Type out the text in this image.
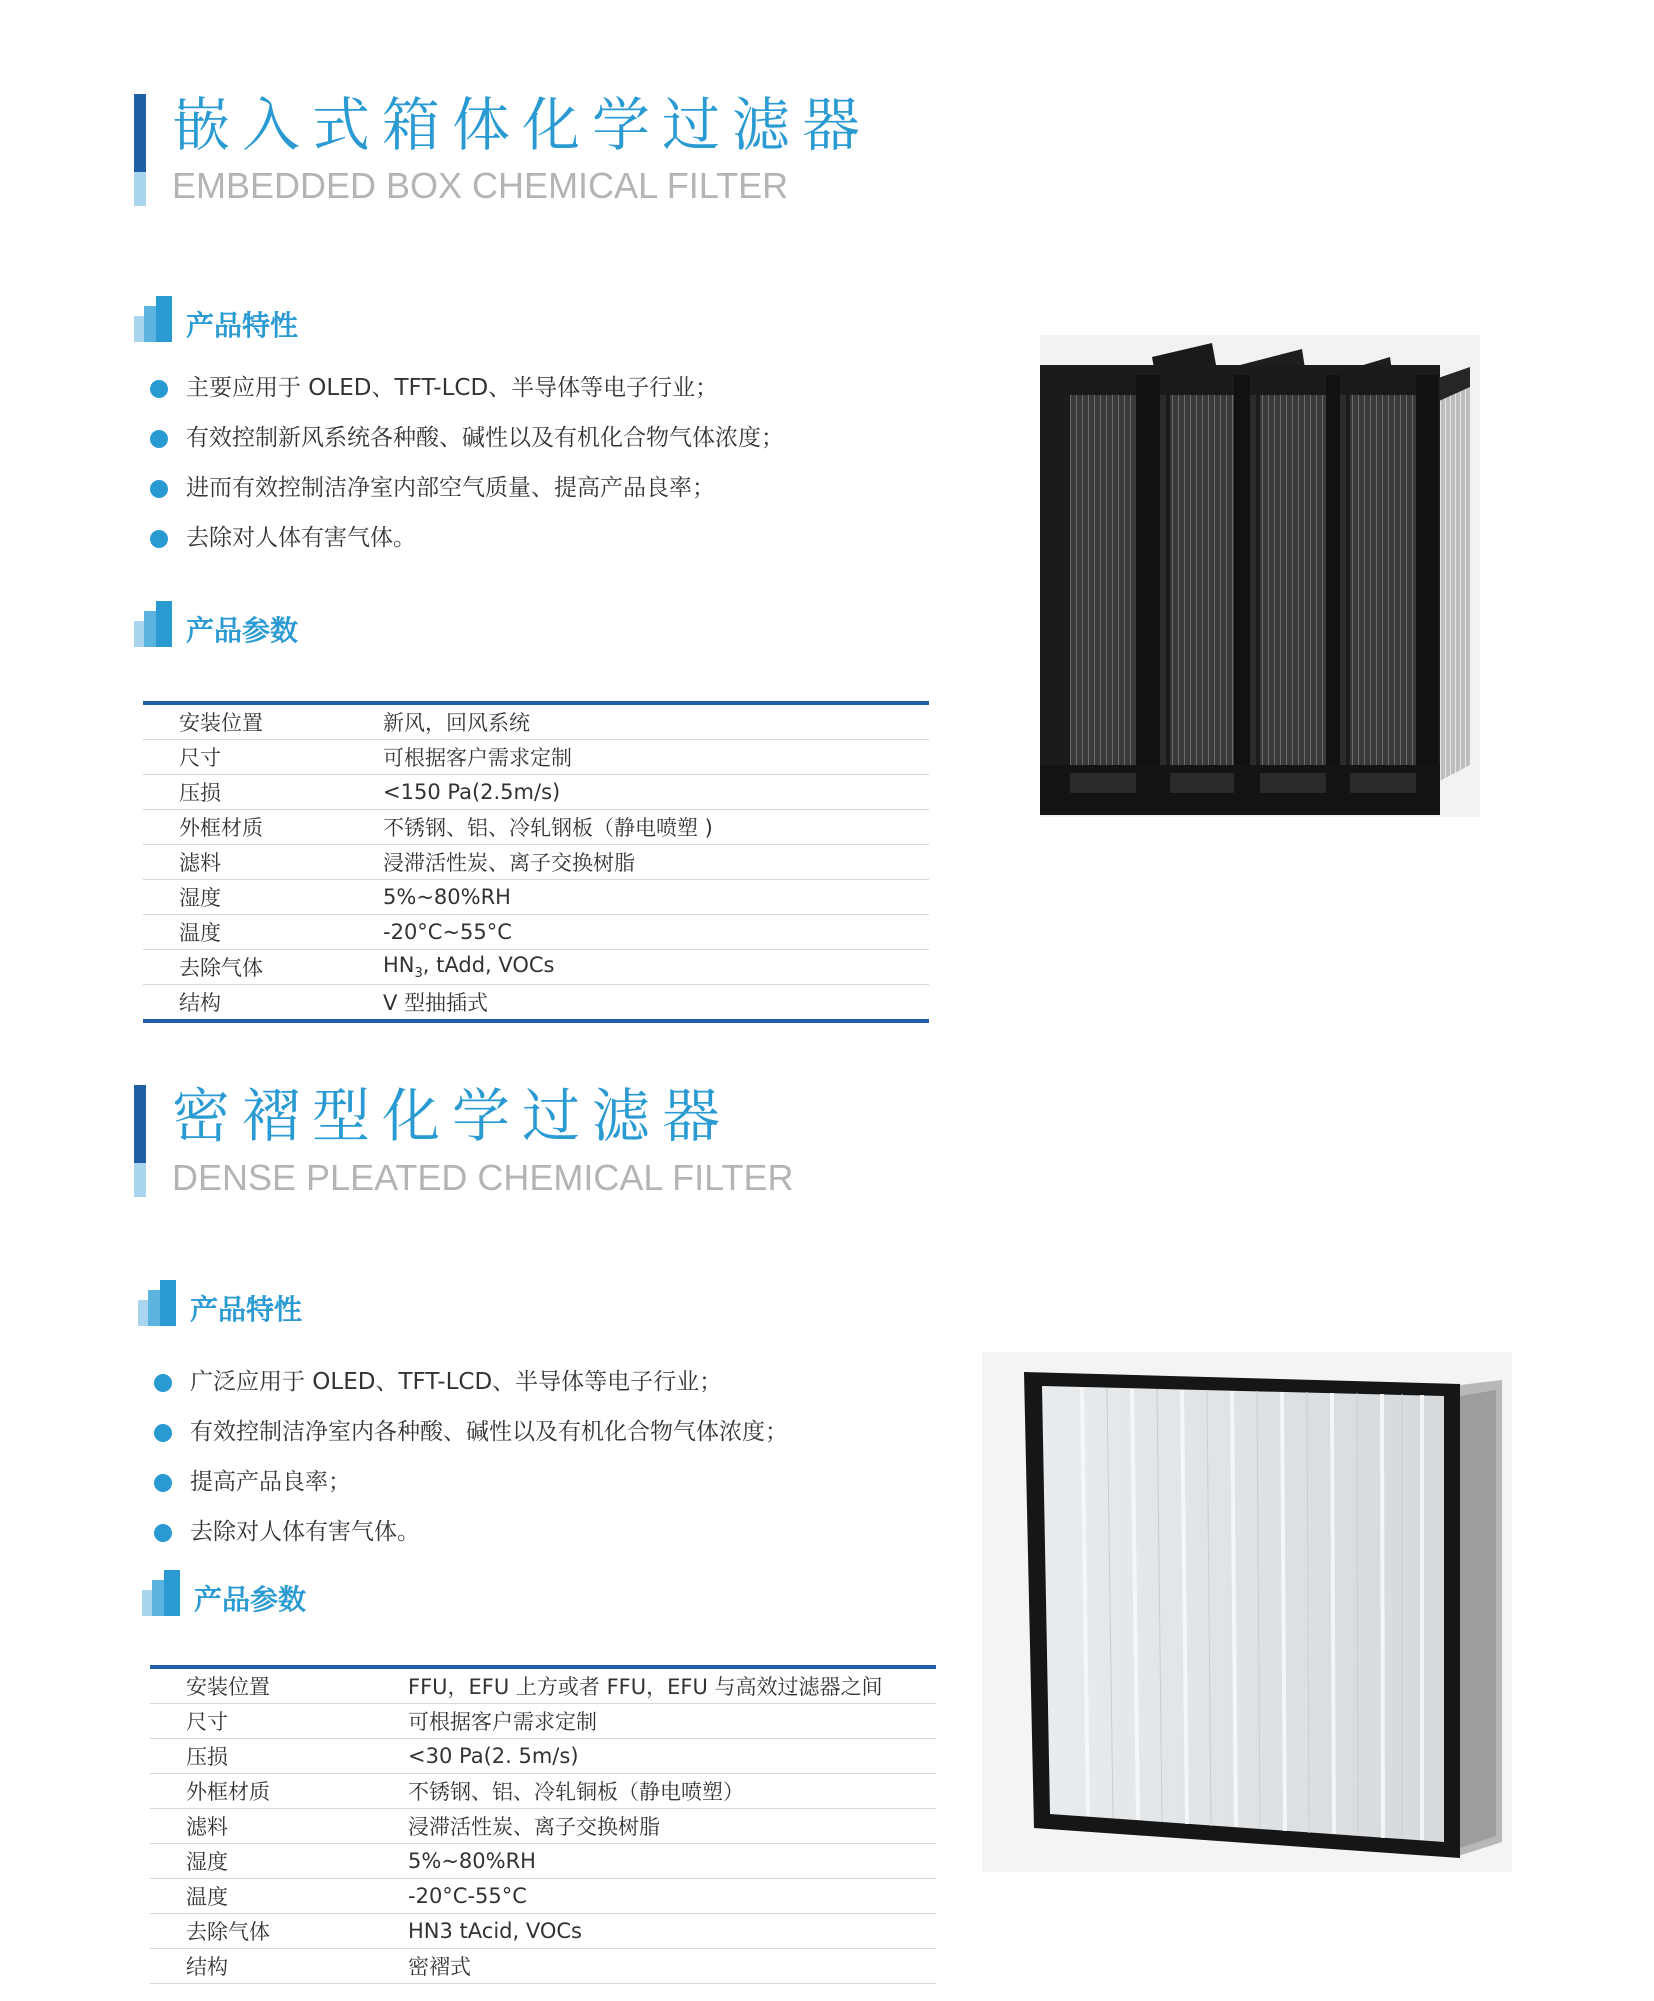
嵌入式箱体化学过滤器
EMBEDDED BOX CHEMICAL FILTER
产品特性
主要应用于 OLED、TFT-LCD、半导体等电子行业；
有效控制新风系统各种酸、碱性以及有机化合物气体浓度；
进而有效控制洁净室内部空气质量、提高产品良率；
去除对人体有害气体。
产品参数

安装位置	新风，回风系统
尺寸	可根据客户需求定制
压损	<150 Pa(2.5m/s)
外框材质	不锈钢、铝、冷轧钢板（静电喷塑 )
滤料	浸滞活性炭、离子交换树脂
湿度	5%~80%RH
温度	-20°C~55°C
去除气体	$HN_3$, tAdd, VOCs
结构	V 型抽插式

密褶型化学过滤器
DENSE PLEATED CHEMICAL FILTER
产品特性
广泛应用于 OLED、TFT-LCD、半导体等电子行业；
有效控制洁净室内各种酸、碱性以及有机化合物气体浓度；
提高产品良率；
去除对人体有害气体。
产品参数

安装位置	FFU，EFU 上方或者 FFU，EFU 与高效过滤器之间
尺寸	可根据客户需求定制
压损	<30 Pa(2. 5m/s)
外框材质	不锈钢、铝、冷轧铜板（静电喷塑）
滤料	浸滞活性炭、离子交换树脂
湿度	5%~80%RH
温度	-20°C-55°C
去除气体	HN3 tAcid, VOCs
结构	密褶式
